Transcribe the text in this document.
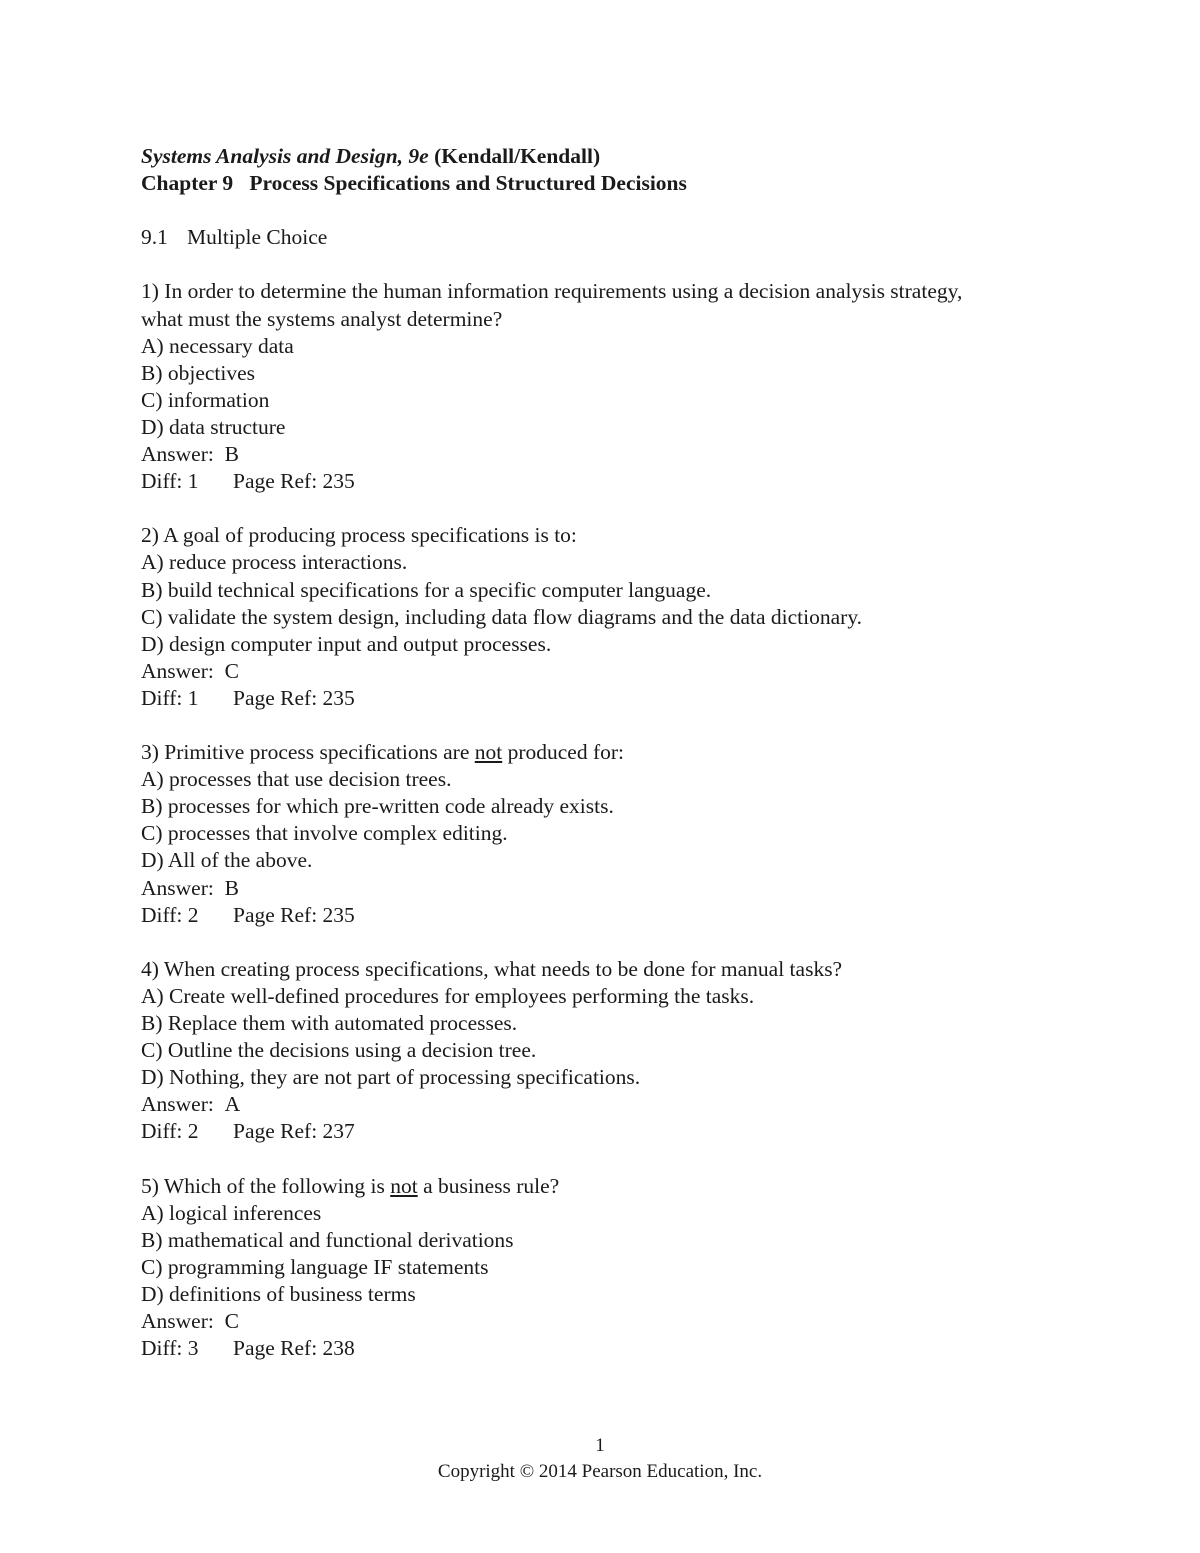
Systems Analysis and Design, 9e (Kendall/Kendall)
Chapter 9 Process Specifications and Structured Decisions
9.1 Multiple Choice
1) In order to determine the human information requirements using a decision analysis strategy,
what must the systems analyst determine?
A) necessary data
B) objectives
C) information
D) data structure
Answer: B
Diff: 1 Page Ref: 235
2) A goal of producing process specifications is to:
A) reduce process interactions.
B) build technical specifications for a specific computer language.
C) validate the system design, including data flow diagrams and the data dictionary.
D) design computer input and output processes.
Answer: C
Diff: 1 Page Ref: 235
3) Primitive process specifications are not produced for:
A) processes that use decision trees.
B) processes for which pre-written code already exists.
C) processes that involve complex editing.
D) All of the above.
Answer: B
Diff: 2 Page Ref: 235
4) When creating process specifications, what needs to be done for manual tasks?
A) Create well-defined procedures for employees performing the tasks.
B) Replace them with automated processes.
C) Outline the decisions using a decision tree.
D) Nothing, they are not part of processing specifications.
Answer: A
Diff: 2 Page Ref: 237
5) Which of the following is not a business rule?
A) logical inferences
B) mathematical and functional derivations
C) programming language IF statements
D) definitions of business terms
Answer: C
Diff: 3 Page Ref: 238
1
Copyright © 2014 Pearson Education, Inc.
